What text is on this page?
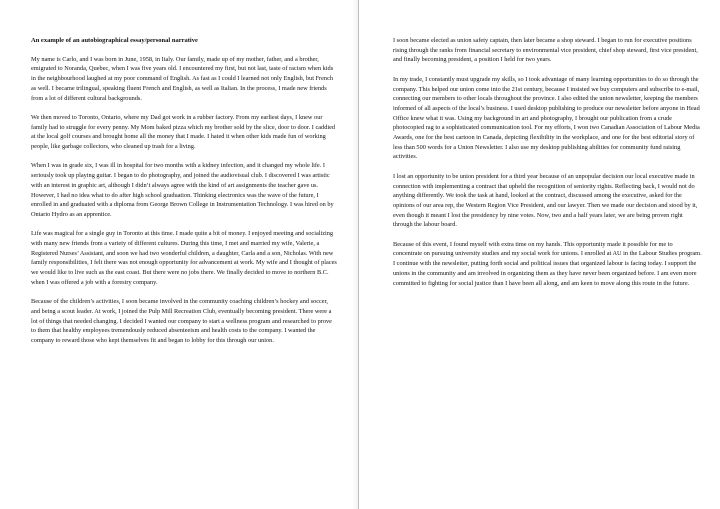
An example of an autobiographical essay/personal narrative

My name is Carlo, and I was born in June, 1958, in Italy. Our family, made up of my mother, father, and a brother, emigrated to Noranda, Quebec, when I was five years old. I encountered my first, but not last, taste of racism when kids in the neighbourhood laughed at my poor command of English. As fast as I could I learned not only English, but French as well. I became trilingual, speaking fluent French and English, as well as Italian. In the process, I made new friends from a lot of different cultural backgrounds.

We then moved to Toronto, Ontario, where my Dad got work in a rubber factory. From my earliest days, I knew our family had to struggle for every penny. My Mom baked pizza which my brother sold by the slice, door to door. I caddied at the local golf courses and brought home all the money that I made. I hated it when other kids made fun of working people, like garbage collectors, who cleaned up trash for a living.

When I was in grade six, I was ill in hospital for two months with a kidney infection, and it changed my whole life. I seriously took up playing guitar. I began to do photography, and joined the audiovisual club. I discovered I was artistic with an interest in graphic art, although I didn’t always agree with the kind of art assignments the teacher gave us. However, I had no idea what to do after high school graduation. Thinking electronics was the wave of the future, I enrolled in and graduated with a diploma from George Brown College in Instrumentation Technology. I was hired on by Ontario Hydro as an apprentice.

Life was magical for a single guy in Toronto at this time. I made quite a bit of money. I enjoyed meeting and socializing with many new friends from a variety of different cultures. During this time, I met and married my wife, Valerie, a Registered Nurses’ Assistant, and soon we had two wonderful children, a daughter, Carla and a son, Nicholas. With new family responsibilities, I felt there was not enough opportunity for advancement at work. My wife and I thought of places we would like to live such as the east coast. But there were no jobs there. We finally decided to move to northern B.C. when I was offered a job with a forestry company.

Because of the children’s activities, I soon became involved in the community coaching children’s hockey and soccer, and being a scout leader. At work, I joined the Pulp Mill Recreation Club, eventually becoming president. There were a lot of things that needed changing. I decided I wanted our company to start a wellness program and researched to prove to them that healthy employees tremendously reduced absenteeism and health costs to the company. I wanted the company to reward those who kept themselves fit and began to lobby for this through our union.

I soon became elected as union safety captain, then later became a shop steward. I began to run for executive positions rising through the ranks from financial secretary to environmental vice president, chief shop steward, first vice president, and finally becoming president, a position I held for two years.

In my trade, I constantly must upgrade my skills, so I took advantage of many learning opportunities to do so through the company. This helped our union come into the 21st century, because I insisted we buy computers and subscribe to e-mail, connecting our members to other locals throughout the province. I also edited the union newsletter, keeping the members informed of all aspects of the local’s business. I used desktop publishing to produce our newsletter before anyone in Head Office knew what it was. Using my background in art and photography, I brought our publication from a crude photocopied rag to a sophisticated communication tool. For my efforts, I won two Canadian Association of Labour Media Awards, one for the best cartoon in Canada, depicting flexibility in the workplace, and one for the best editorial story of less than 500 words for a Union Newsletter. I also use my desktop publishing abilities for community fund raising activities.

I lost an opportunity to be union president for a third year because of an unpopular decision our local executive made in connection with implementing a contract that upheld the recognition of seniority rights. Reflecting back, I would not do anything differently. We took the task at hand, looked at the contract, discussed among the executive, asked for the opinions of our area rep, the Western Region Vice President, and our lawyer. Then we made our decision and stood by it, even though it meant I lost the presidency by nine votes. Now, two and a half years later, we are being proven right through the labour board.

Because of this event, I found myself with extra time on my hands. This opportunity made it possible for me to concentrate on pursuing university studies and my social work for unions. I enrolled at AU in the Labour Studies program. I continue with the newsletter, putting forth social and political issues that organized labour is facing today. I support the unions in the community and am involved in organizing them as they have never been organized before. I am even more committed to fighting for social justice than I have been all along, and am keen to move along this route in the future.
